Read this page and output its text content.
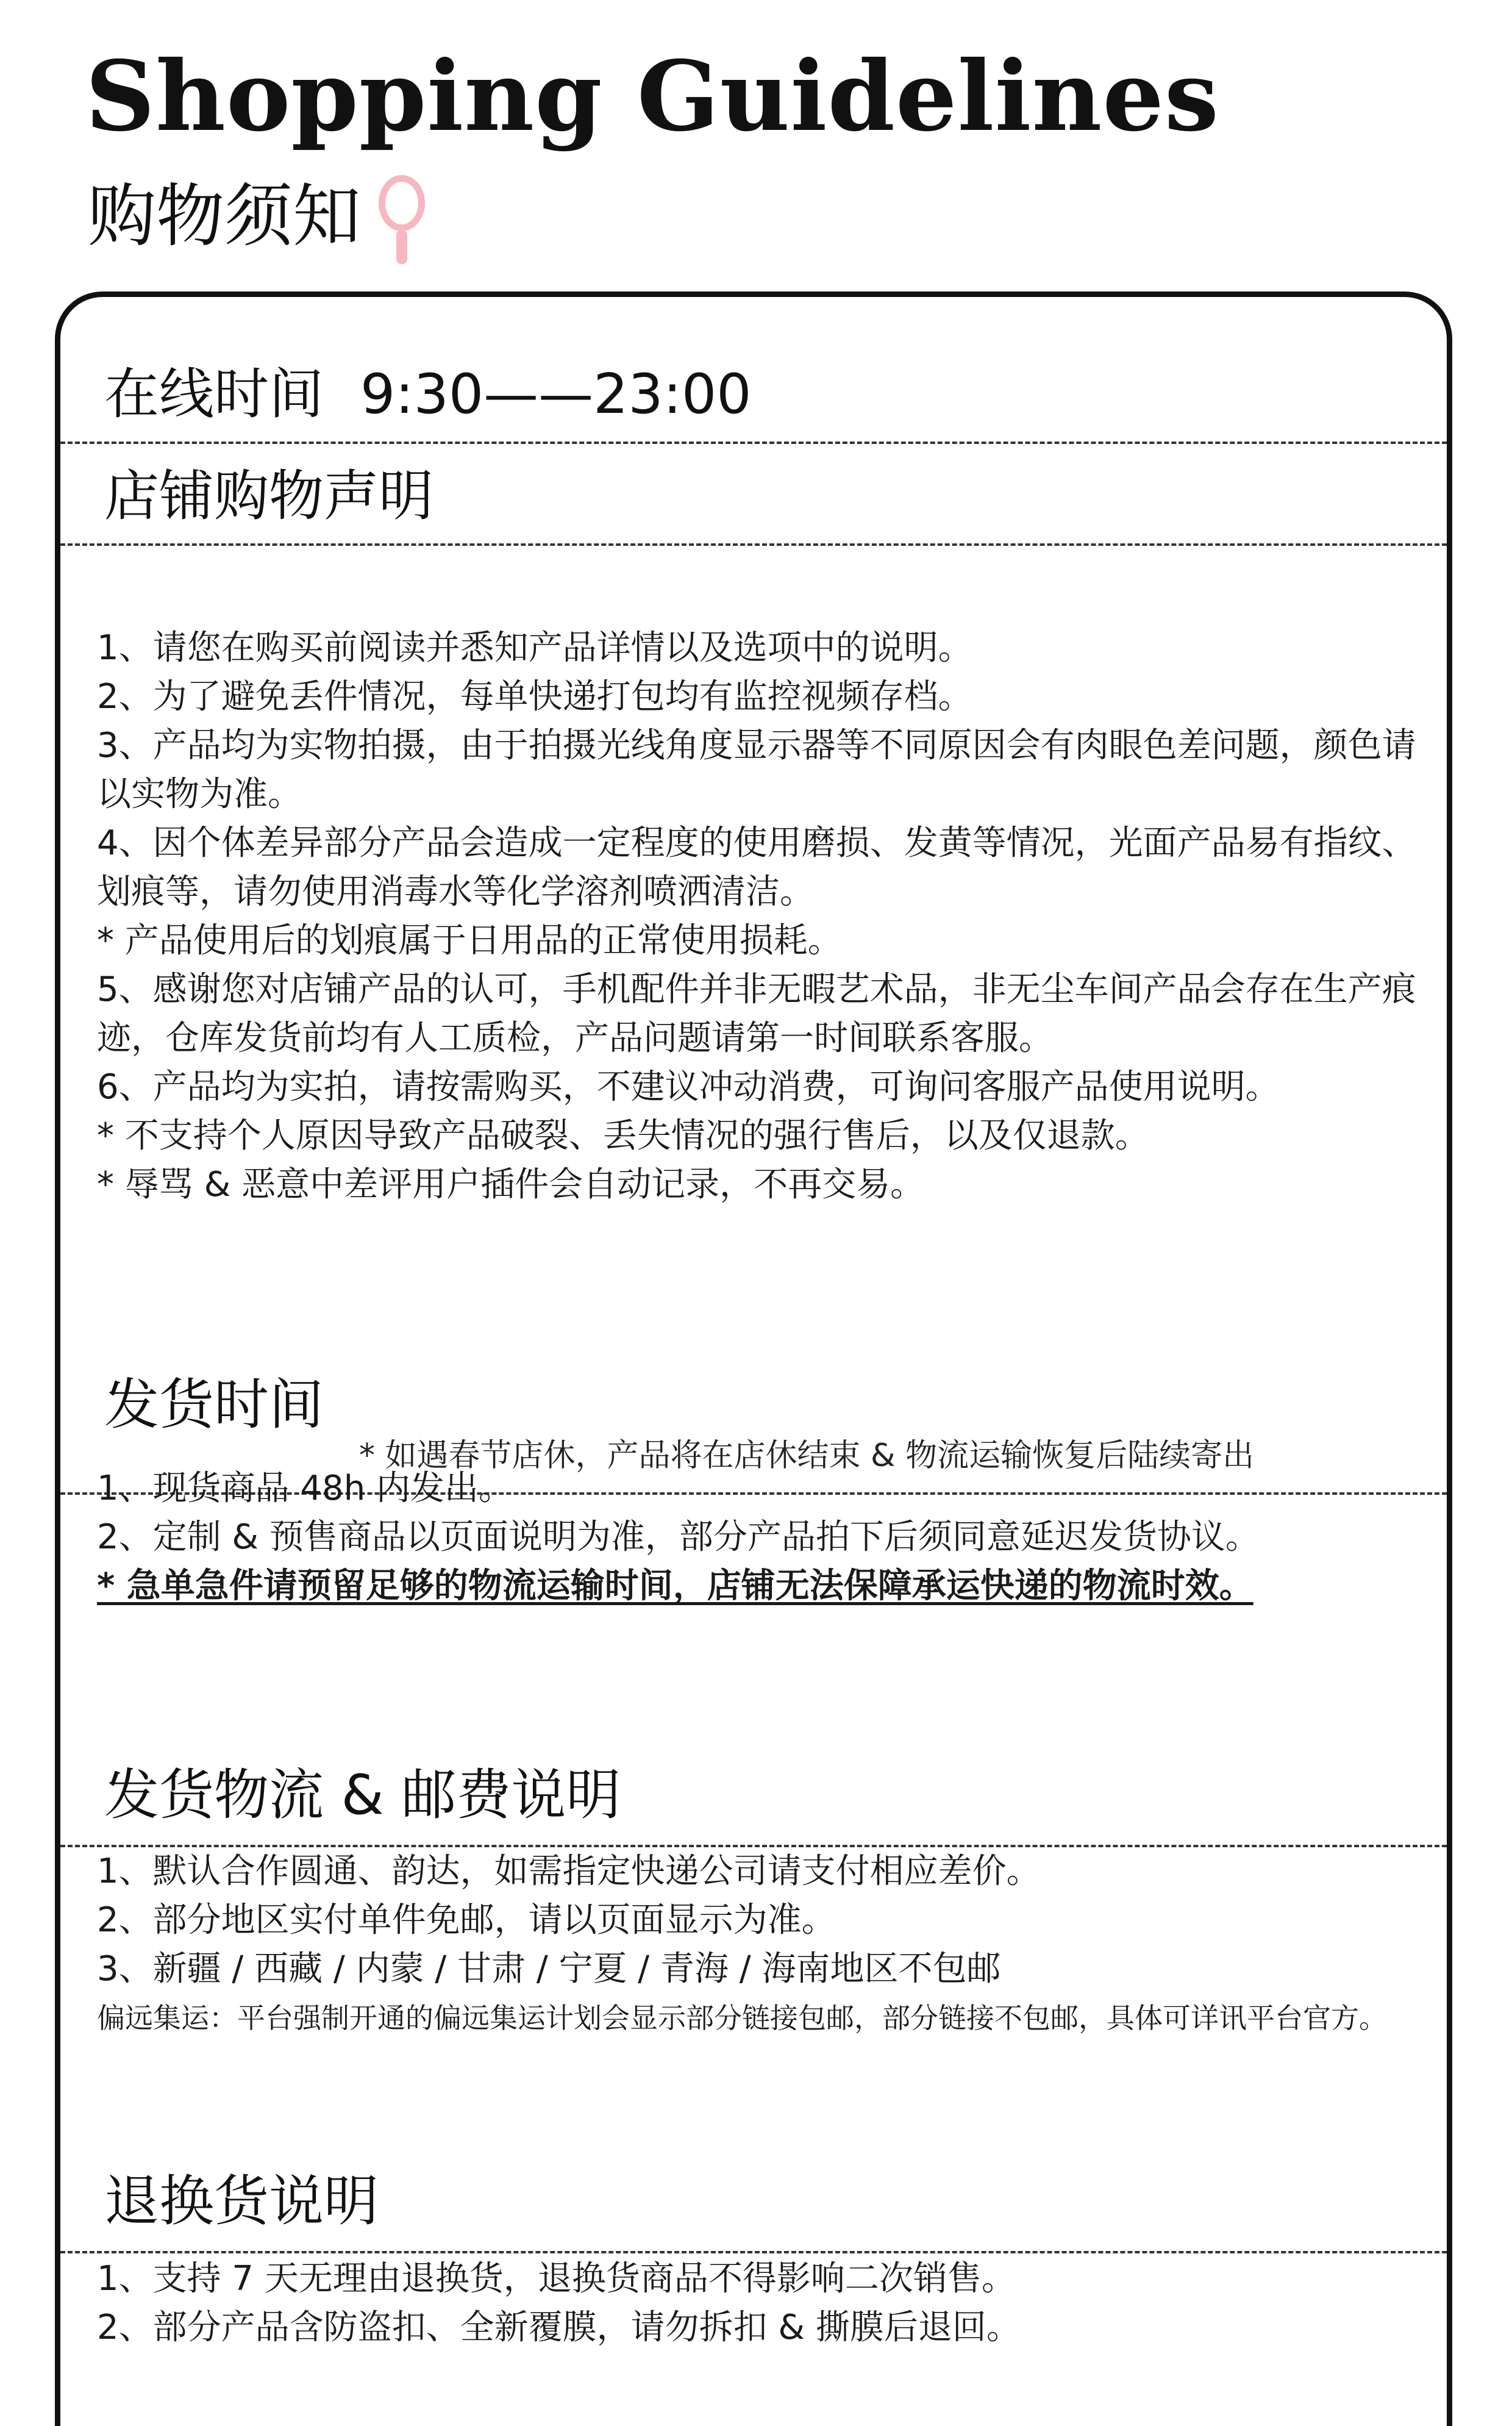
Shopping Guidelines
购物须知
在线时间 9:30——23:00
店铺购物声明

1、请您在购买前阅读并悉知产品详情以及选项中的说明。

2、为了避免丢件情况，每单快递打包均有监控视频存档。

3、产品均为实物拍摄，由于拍摄光线角度显示器等不同原因会有肉眼色差问题，颜色请以实物为准。

4、因个体差异部分产品会造成一定程度的使用磨损、发黄等情况，光面产品易有指纹、划痕等，请勿使用消毒水等化学溶剂喷洒清洁。

* 产品使用后的划痕属于日用品的正常使用损耗。

5、感谢您对店铺产品的认可，手机配件并非无暇艺术品，非无尘车间产品会存在生产痕迹，仓库发货前均有人工质检，产品问题请第一时间联系客服。

6、产品均为实拍，请按需购买，不建议冲动消费，可询问客服产品使用说明。

* 不支持个人原因导致产品破裂、丢失情况的强行售后，以及仅退款。

* 辱骂 & 恶意中差评用户插件会自动记录，不再交易。

发货时间
* 如遇春节店休，产品将在店休结束 & 物流运输恢复后陆续寄出

1、现货商品 48h 内发出。

2、定制 & 预售商品以页面说明为准，部分产品拍下后须同意延迟发货协议。

* 急单急件请预留足够的物流运输时间，店铺无法保障承运快递的物流时效。

发货物流 & 邮费说明

1、默认合作圆通、韵达，如需指定快递公司请支付相应差价。

2、部分地区实付单件免邮，请以页面显示为准。

3、新疆 / 西藏 / 内蒙 / 甘肃 / 宁夏 / 青海 / 海南地区不包邮

偏远集运：平台强制开通的偏远集运计划会显示部分链接包邮，部分链接不包邮，具体可详讯平台官方。

退换货说明

1、支持 7 天无理由退换货，退换货商品不得影响二次销售。

2、部分产品含防盗扣、全新覆膜，请勿拆扣 & 撕膜后退回。
